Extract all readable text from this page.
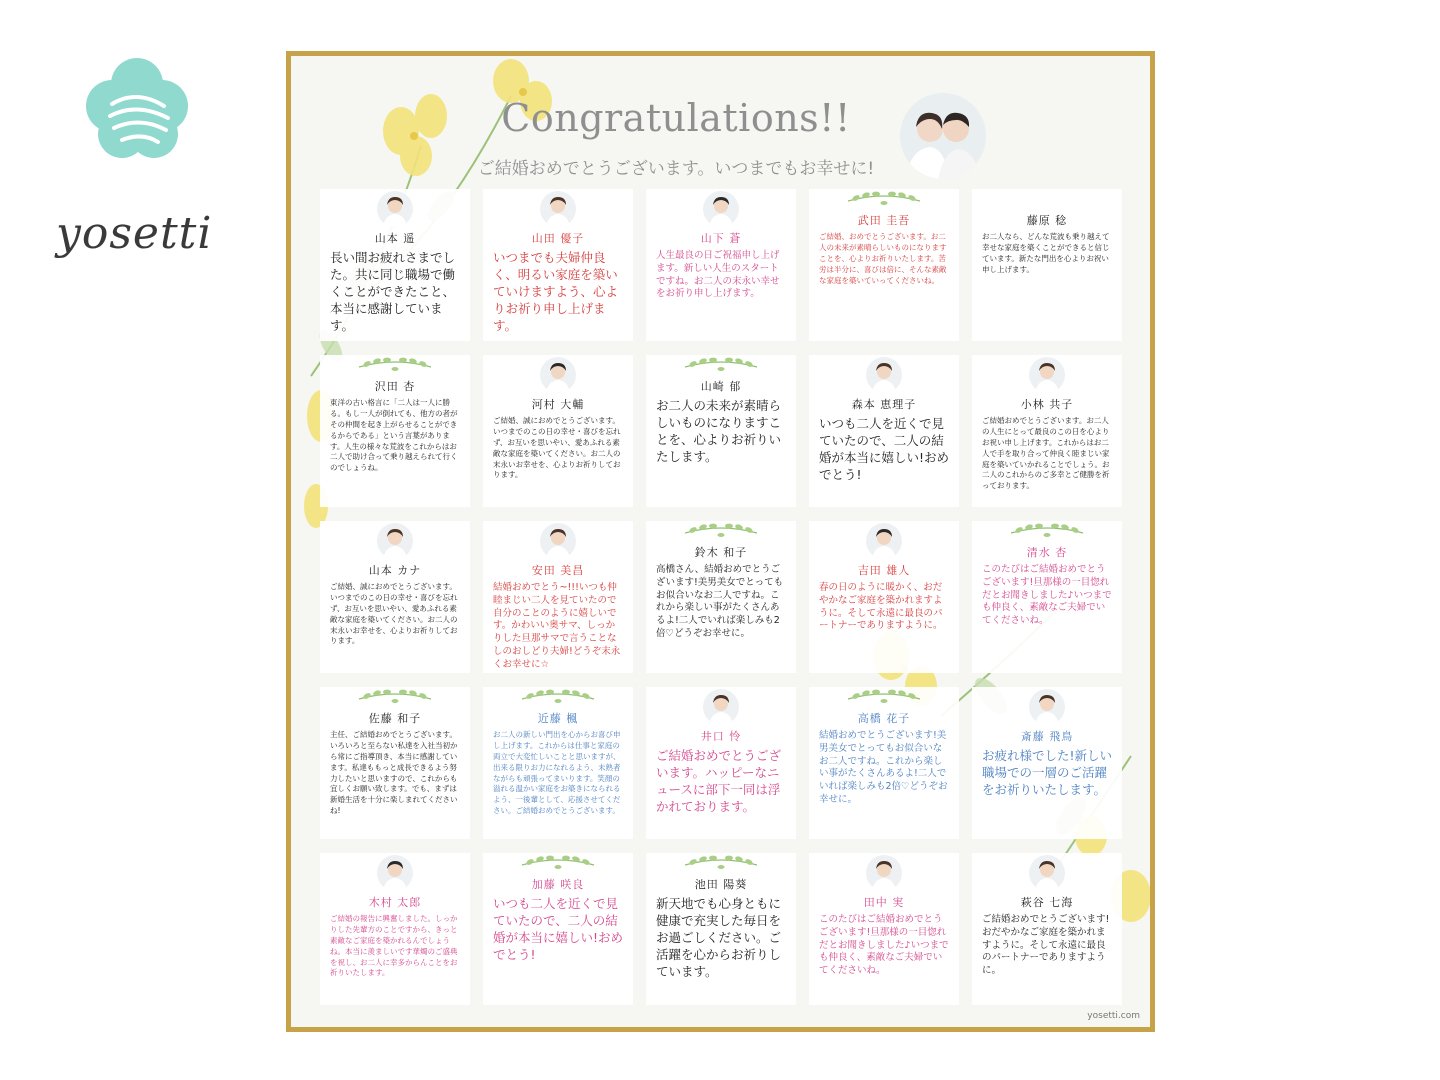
yosetti
Congratulations!!
ご結婚おめでとうございます。いつまでもお幸せに!
山本 遥
長い間お疲れさまでした。共に同じ職場で働くことができたこと、本当に感謝しています。
山田 優子
いつまでも夫婦仲良く、明るい家庭を築いていけますよう、心よりお祈り申し上げます。
山下 蒼
人生最良の日ご祝福申し上げます。新しい人生のスタートですね。お二人の末永い幸せをお祈り申し上げます。
武田 圭吾
ご結婚、おめでとうございます。お二人の未来が素晴らしいものになりますことを、心よりお祈りいたします。苦労は半分に、喜びは倍に、そんな素敵な家庭を築いていってくださいね。
藤原 稔
お二人なら、どんな荒波も乗り越えて幸せな家庭を築くことができると信じています。新たな門出を心よりお祝い申し上げます。
沢田 杏
東洋の古い格言に「二人は一人に勝る。もし一人が倒れても、他方の者がその仲間を起き上がらせることができるからである」という言葉があります。人生の様々な荒波をこれからはお二人で助け合って乗り越えられて行くのでしょうね。
河村 大輔
ご結婚、誠におめでとうございます。いつまでのこの日の幸せ・喜びを忘れず、お互いを思いやい、愛あふれる素敵な家庭を築いてください。お二人の末永いお幸せを、心よりお祈りしております。
山崎 郁
お二人の未来が素晴らしいものになりますことを、心よりお祈りいたします。
森本 恵理子
いつも二人を近くで見ていたので、二人の結婚が本当に嬉しい!おめでとう!
小林 共子
ご結婚おめでとうございます。お二人の人生にとって最良のこの日を心よりお祝い申し上げます。これからはお二人で手を取り合って仲良く睦まじい家庭を築いていかれることでしょう。お二人のこれからのご多幸とご健勝を祈っております。
山本 カナ
ご結婚、誠におめでとうございます。いつまでのこの日の幸せ・喜びを忘れず、お互いを思いやい、愛あふれる素敵な家庭を築いてください。お二人の末永いお幸せを、心よりお祈りしております。
安田 美昌
結婚おめでとう~!!!いつも仲睦まじい二人を見ていたので自分のことのように嬉しいです。かわいい奥サマ、しっかりした旦那サマで言うことなしのおしどり夫婦!どうぞ末永くお幸せに☆
鈴木 和子
高橋さん、結婚おめでとうございます!美男美女でとってもお似合いなお二人ですね。これから楽しい事がたくさんあるよ!二人でいれば楽しみも2倍♡どうぞお幸せに。
吉田 雄人
春の日のように暖かく、おだやかなご家庭を築かれますように。そして永遠に最良のパートナーでありますように。
清水 杏
このたびはご結婚おめでとうございます!旦那様の一目惚れだとお聞きしました♪いつまでも仲良く、素敵なご夫婦でいてくださいね。
佐藤 和子
主任、ご結婚おめでとうございます。いろいろと至らない私達を入社当初から常にご指導頂き、本当に感謝しています。私達ももっと成長できるよう努力したいと思いますので、これからも宜しくお願い致します。でも、まずは新婚生活を十分に楽しまれてくださいね!
近藤 楓
お二人の新しい門出を心からお喜び申し上げます。これからは仕事と家庭の両立で大変忙しいことと思いますが、出来る限りお力になれるよう、未熟者ながらも頑張ってまいります。笑顔の溢れる温かい家庭をお築きになられるよう、一後輩として、応援させてください。ご結婚おめでとうございます。
井口 怜
ご結婚おめでとうございます。ハッピーなニュースに部下一同は浮かれております。
高橋 花子
結婚おめでとうございます!美男美女でとってもお似合いなお二人ですね。これから楽しい事がたくさんあるよ!二人でいれば楽しみも2倍♡どうぞお幸せに。
斎藤 飛鳥
お疲れ様でした!新しい職場での一層のご活躍をお祈りいたします。
木村 太郎
ご結婚の報告に興奮しました。しっかりした先輩方のことですから、きっと素敵なご家庭を築かれるんでしょうね。本当に羨ましいです華燭のご盛典を祝し、お二人に幸多からんことをお祈りいたします。
加藤 咲良
いつも二人を近くで見ていたので、二人の結婚が本当に嬉しい!おめでとう!
池田 陽葵
新天地でも心身ともに健康で充実した毎日をお過ごしください。ご活躍を心からお祈りしています。
田中 実
このたびはご結婚おめでとうございます!旦那様の一目惚れだとお聞きしました♪いつまでも仲良く、素敵なご夫婦でいてくださいね。
萩谷 七海
ご結婚おめでとうございます!おだやかなご家庭を築かれますように。そして永遠に最良のパートナーでありますように。
yosetti.com
